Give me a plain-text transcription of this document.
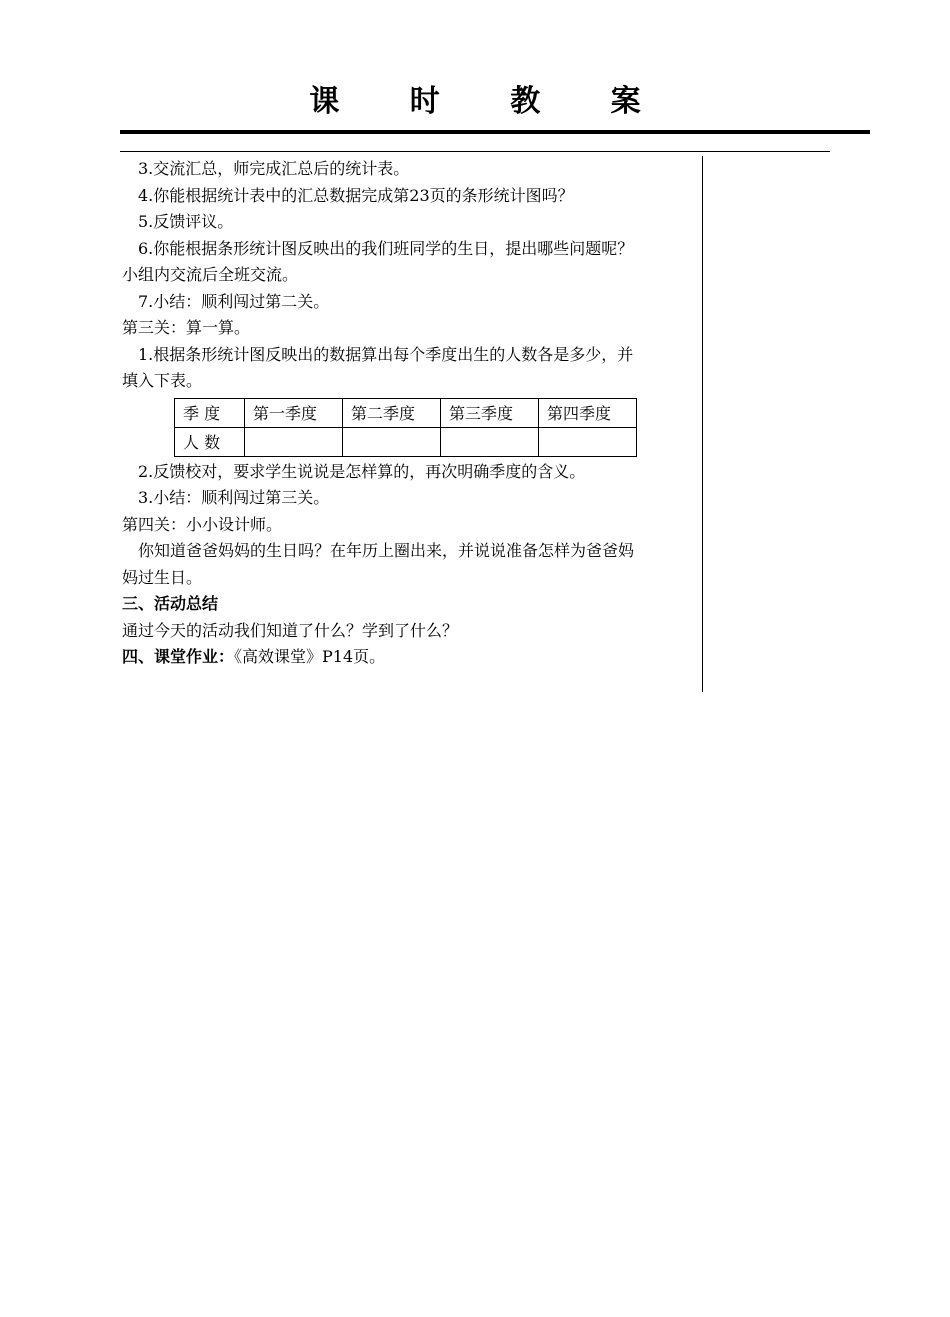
课 时 教 案
3.交流汇总，师完成汇总后的统计表。
4.你能根据统计表中的汇总数据完成第23页的条形统计图吗？
5.反馈评议。
6.你能根据条形统计图反映出的我们班同学的生日，提出哪些问题呢？
小组内交流后全班交流。
7.小结：顺利闯过第二关。
第三关：算一算。
1.根据条形统计图反映出的数据算出每个季度出生的人数各是多少，并
填入下表。
季 度	第一季度	第二季度	第三季度	第四季度
人 数				
2.反馈校对，要求学生说说是怎样算的，再次明确季度的含义。
3.小结：顺利闯过第三关。
第四关：小小设计师。
你知道爸爸妈妈的生日吗？在年历上圈出来，并说说准备怎样为爸爸妈
妈过生日。
三、活动总结
通过今天的活动我们知道了什么？学到了什么？
四、课堂作业：《高效课堂》P14页。
